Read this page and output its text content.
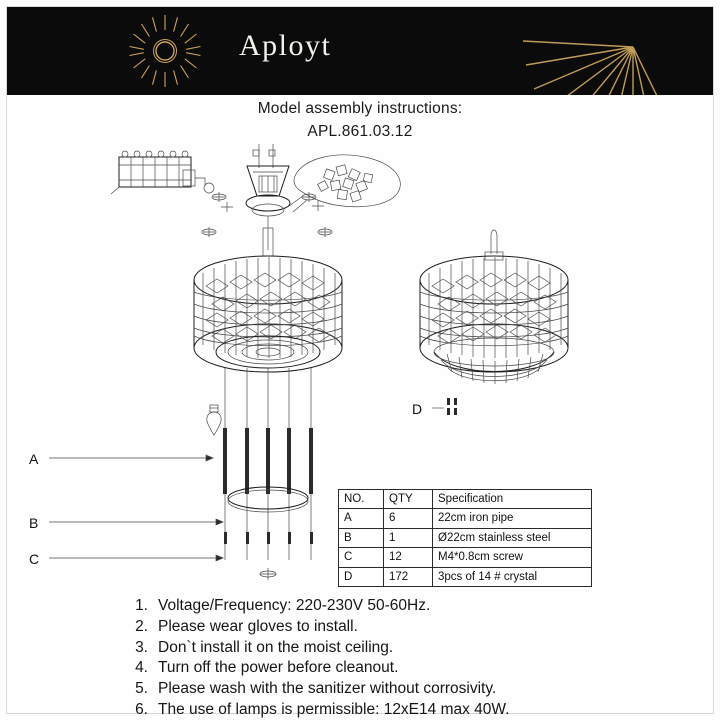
Aployt
Model assembly instructions:
APL.861.03.12
A
B
C
D
NO.	QTY	Specification
A	6	22cm iron pipe
B	1	Ø22cm stainless steel
C	12	M4*0.8cm screw
D	172	3pcs of 14 # crystal
1. Voltage/Frequency: 220-230V 50-60Hz.
2. Please wear gloves to install.
3. Don`t install it on the moist ceiling.
4. Turn off the power before cleanout.
5. Please wash with the sanitizer without corrosivity.
6. The use of lamps is permissible: 12xE14 max 40W.
